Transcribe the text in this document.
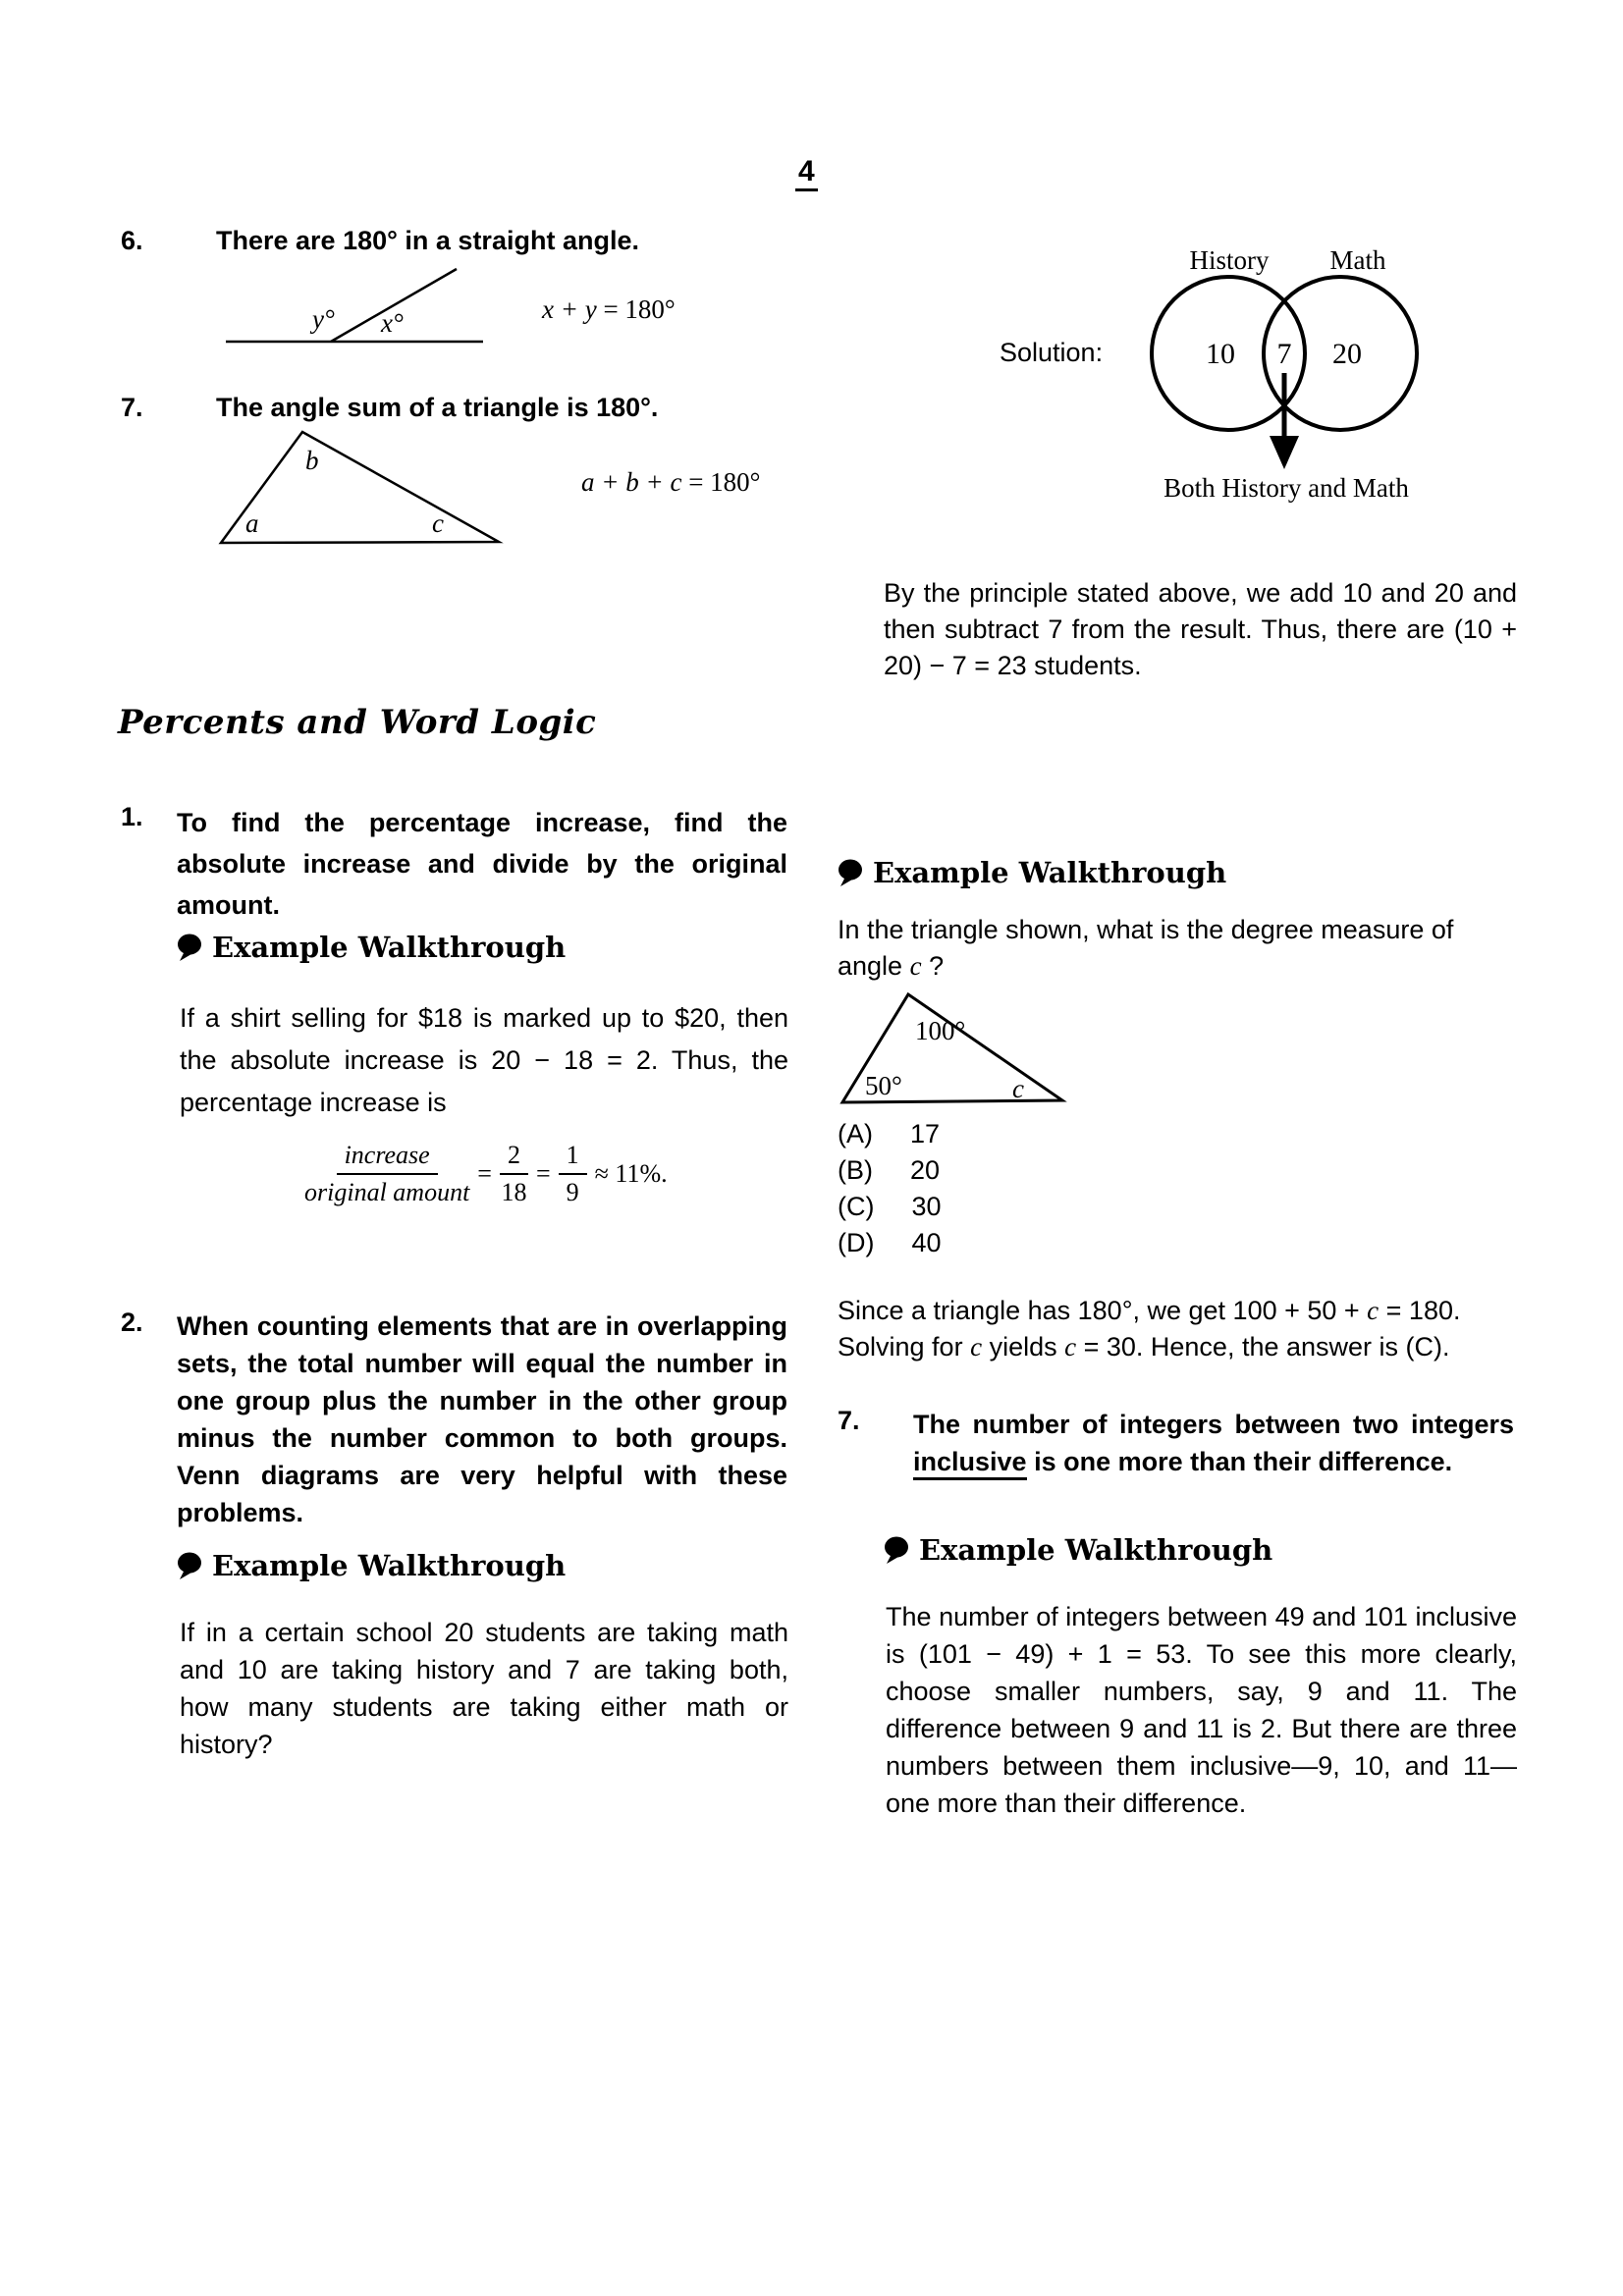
4
6.	There are 180° in a straight angle.
y° x°	x + y = 180°
7.	The angle sum of a triangle is 180°.
b
a	c
a + b + c = 180°
Percents and Word Logic
1. To find the percentage increase, find the absolute increase and divide by the original amount.
Example Walkthrough
If a shirt selling for $18 is marked up to $20, then the absolute increase is 20 − 18 = 2. Thus, the percentage increase is
$\frac{\text{increase}}{\text{original amount}} = \frac{2}{18} = \frac{1}{9} \approx 11\%$.
2. When counting elements that are in overlapping sets, the total number will equal the number in one group plus the number in the other group minus the number common to both groups. Venn diagrams are very helpful with these problems.
Example Walkthrough
If in a certain school 20 students are taking math and 10 are taking history and 7 are taking both, how many students are taking either math or history?
Solution:
History Math
10 7 20
Both History and Math
By the principle stated above, we add 10 and 20 and then subtract 7 from the result. Thus, there are (10 + 20) − 7 = 23 students.
Example Walkthrough
In the triangle shown, what is the degree measure of
angle c ?
100°
50°	c
(A) 17
(B) 20
(C) 30
(D) 40
Since a triangle has 180°, we get 100 + 50 + c = 180.
Solving for c yields c = 30. Hence, the answer is (C).
7. The number of integers between two integers inclusive is one more than their difference.
Example Walkthrough
The number of integers between 49 and 101 inclusive is (101 − 49) + 1 = 53. To see this more clearly, choose smaller numbers, say, 9 and 11. The difference between 9 and 11 is 2. But there are three numbers between them inclusive—9, 10, and 11—one more than their difference.
